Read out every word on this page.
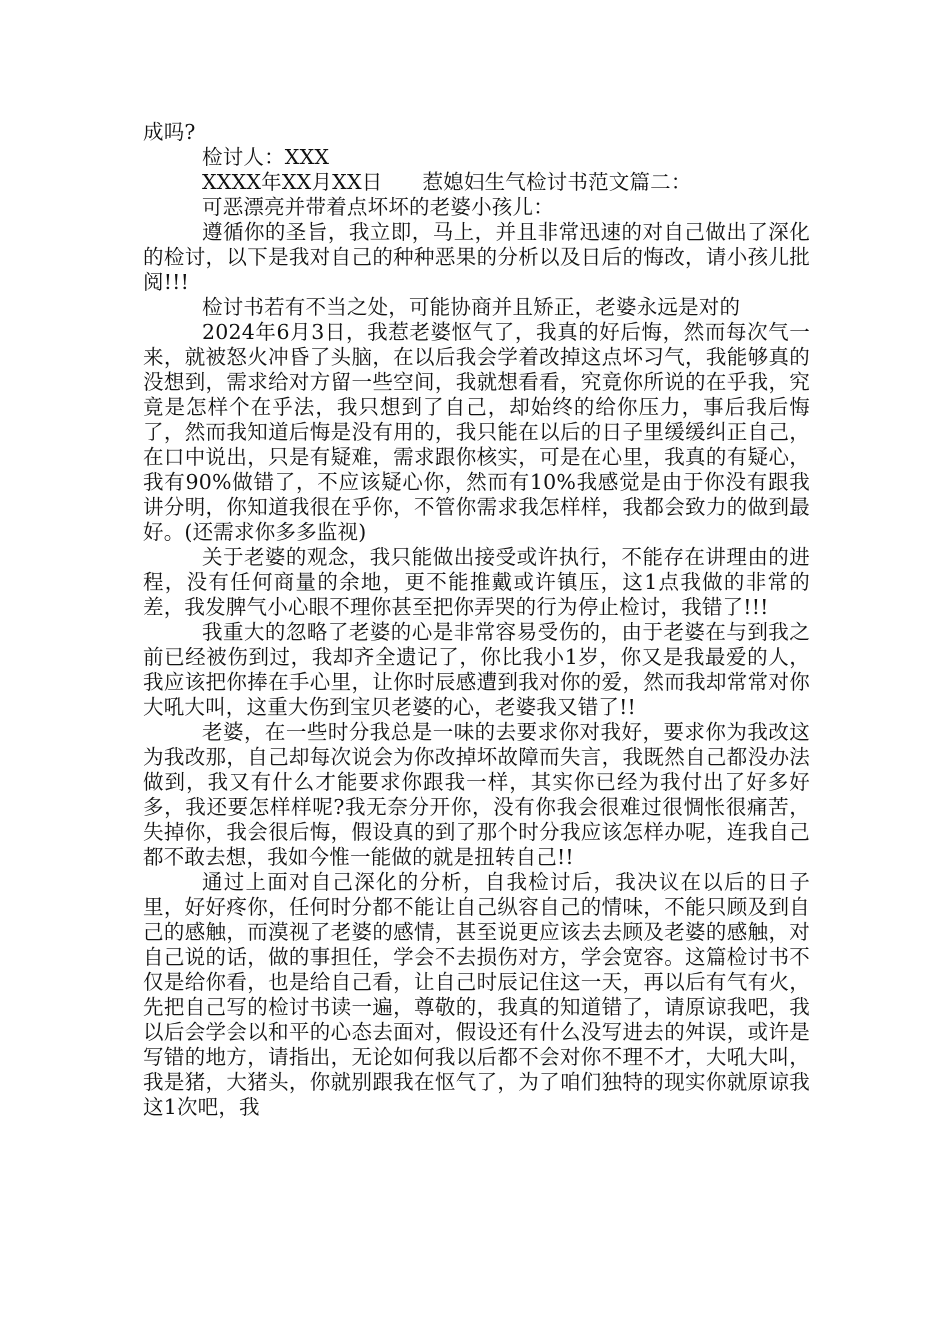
成吗?
检讨人：XXX
XXXX年XX月XX日 惹媳妇生气检讨书范文篇二：
可恶漂亮并带着点坏坏的老婆小孩儿：

遵循你的圣旨，我立即，马上，并且非常迅速的对自己做出了深化的检讨，以下是我对自己的种种恶果的分析以及日后的悔改，请小孩儿批阅!!!

检讨书若有不当之处，可能协商并且矫正，老婆永远是对的

2024年6月3日，我惹老婆怄气了，我真的好后悔，然而每次气一来，就被怒火冲昏了头脑，在以后我会学着改掉这点坏习气，我能够真的没想到，需求给对方留一些空间，我就想看看，究竟你所说的在乎我，究竟是怎样个在乎法，我只想到了自己，却始终的给你压力，事后我后悔了，然而我知道后悔是没有用的，我只能在以后的日子里缓缓纠正自己，在口中说出，只是有疑难，需求跟你核实，可是在心里，我真的有疑心，我有90%做错了，不应该疑心你，然而有10%我感觉是由于你没有跟我讲分明，你知道我很在乎你，不管你需求我怎样样，我都会致力的做到最好。(还需求你多多监视)

关于老婆的观念，我只能做出接受或许执行，不能存在讲理由的进程，没有任何商量的余地，更不能推戴或许镇压，这1点我做的非常的差，我发脾气小心眼不理你甚至把你弄哭的行为停止检讨，我错了!!!

我重大的忽略了老婆的心是非常容易受伤的，由于老婆在与到我之前已经被伤到过，我却齐全遗记了，你比我小1岁，你又是我最爱的人，我应该把你捧在手心里，让你时辰感遭到我对你的爱，然而我却常常对你大吼大叫，这重大伤到宝贝老婆的心，老婆我又错了!!

老婆，在一些时分我总是一味的去要求你对我好，要求你为我改这为我改那，自己却每次说会为你改掉坏故障而失言，我既然自己都没办法做到，我又有什么才能要求你跟我一样，其实你已经为我付出了好多好多，我还要怎样样呢?我无奈分开你，没有你我会很难过很惆怅很痛苦，失掉你，我会很后悔，假设真的到了那个时分我应该怎样办呢，连我自己都不敢去想，我如今惟一能做的就是扭转自己!!

通过上面对自己深化的分析，自我检讨后，我决议在以后的日子里，好好疼你，任何时分都不能让自己纵容自己的情味，不能只顾及到自己的感触，而漠视了老婆的感情，甚至说更应该去去顾及老婆的感触，对自己说的话，做的事担任，学会不去损伤对方，学会宽容。这篇检讨书不仅是给你看，也是给自己看，让自己时辰记住这一天，再以后有气有火，先把自己写的检讨书读一遍，尊敬的，我真的知道错了，请原谅我吧，我以后会学会以和平的心态去面对，假设还有什么没写进去的舛误，或许是写错的地方，请指出，无论如何我以后都不会对你不理不才，大吼大叫，我是猪，大猪头，你就别跟我在怄气了，为了咱们独特的现实你就原谅我这1次吧，我
